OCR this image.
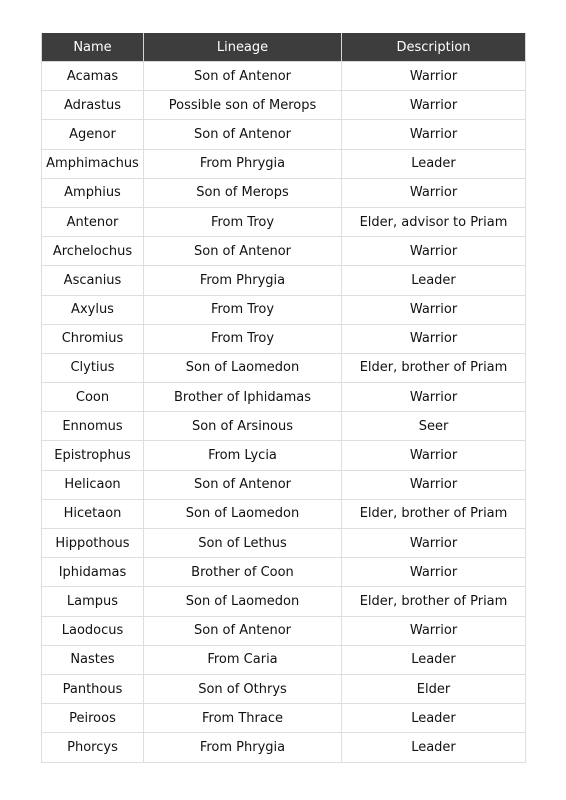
Name	Lineage	Description
Acamas	Son of Antenor	Warrior
Adrastus	Possible son of Merops	Warrior
Agenor	Son of Antenor	Warrior
Amphimachus	From Phrygia	Leader
Amphius	Son of Merops	Warrior
Antenor	From Troy	Elder, advisor to Priam
Archelochus	Son of Antenor	Warrior
Ascanius	From Phrygia	Leader
Axylus	From Troy	Warrior
Chromius	From Troy	Warrior
Clytius	Son of Laomedon	Elder, brother of Priam
Coon	Brother of Iphidamas	Warrior
Ennomus	Son of Arsinous	Seer
Epistrophus	From Lycia	Warrior
Helicaon	Son of Antenor	Warrior
Hicetaon	Son of Laomedon	Elder, brother of Priam
Hippothous	Son of Lethus	Warrior
Iphidamas	Brother of Coon	Warrior
Lampus	Son of Laomedon	Elder, brother of Priam
Laodocus	Son of Antenor	Warrior
Nastes	From Caria	Leader
Panthous	Son of Othrys	Elder
Peiroos	From Thrace	Leader
Phorcys	From Phrygia	Leader
